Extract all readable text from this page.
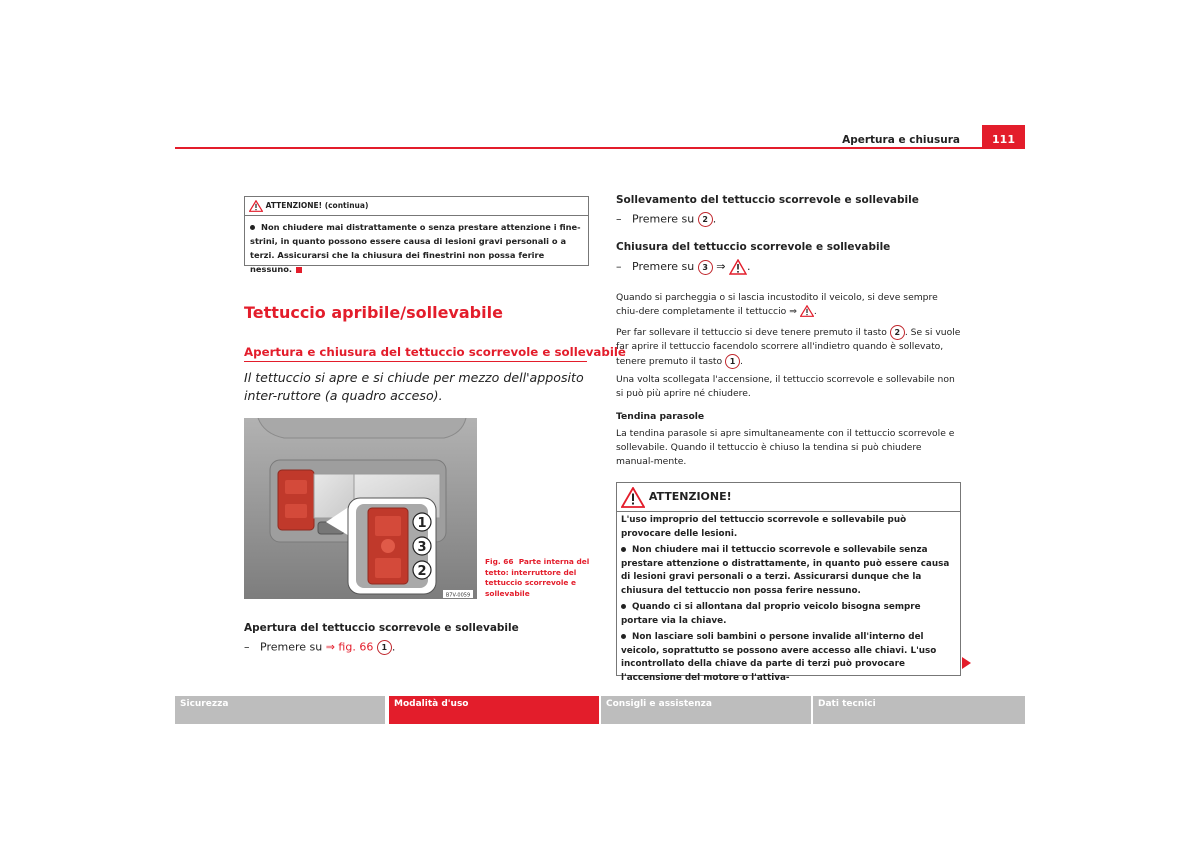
Apertura e chiusura	111
ATTENZIONE! (continua)
Non chiudere mai distrattamente o senza prestare attenzione i fine-strini, in quanto possono essere causa di lesioni gravi personali o a terzi. Assicurarsi che la chiusura dei finestrini non possa ferire nessuno.
Tettuccio apribile/sollevabile
Apertura e chiusura del tettuccio scorrevole e sollevabile
Il tettuccio si apre e si chiude per mezzo dell'apposito inter-ruttore (a quadro acceso).
1
3
2
B7V-0059
Fig. 66 Parte interna del tetto: interruttore del tettuccio scorrevole e sollevabile
Apertura del tettuccio scorrevole e sollevabile
– Premere su ⇒ fig. 66 1 .
Sollevamento del tettuccio scorrevole e sollevabile
– Premere su 2 .
Chiusura del tettuccio scorrevole e sollevabile
– Premere su 3 ⇒ .
Quando si parcheggia o si lascia incustodito il veicolo, si deve sempre chiu-dere completamente il tettuccio ⇒ .
Per far sollevare il tettuccio si deve tenere premuto il tasto 2 . Se si vuole far aprire il tettuccio facendolo scorrere all'indietro quando è sollevato, tenere premuto il tasto 1 .
Una volta scollegata l'accensione, il tettuccio scorrevole e sollevabile non si può più aprire né chiudere.
Tendina parasole
La tendina parasole si apre simultaneamente con il tettuccio scorrevole e sollevabile. Quando il tettuccio è chiuso la tendina si può chiudere manual-mente.
ATTENZIONE!

L'uso improprio del tettuccio scorrevole e sollevabile può provocare delle lesioni.

Non chiudere mai il tettuccio scorrevole e sollevabile senza prestare attenzione o distrattamente, in quanto può essere causa di lesioni gravi personali o a terzi. Assicurarsi dunque che la chiusura del tettuccio non possa ferire nessuno.

Quando ci si allontana dal proprio veicolo bisogna sempre portare via la chiave.

Non lasciare soli bambini o persone invalide all'interno del veicolo, soprattutto se possono avere accesso alle chiavi. L'uso incontrollato della chiave da parte di terzi può provocare l'accensione del motore o l'attiva-

Sicurezza	Modalità d'uso	Consigli e assistenza	Dati tecnici
